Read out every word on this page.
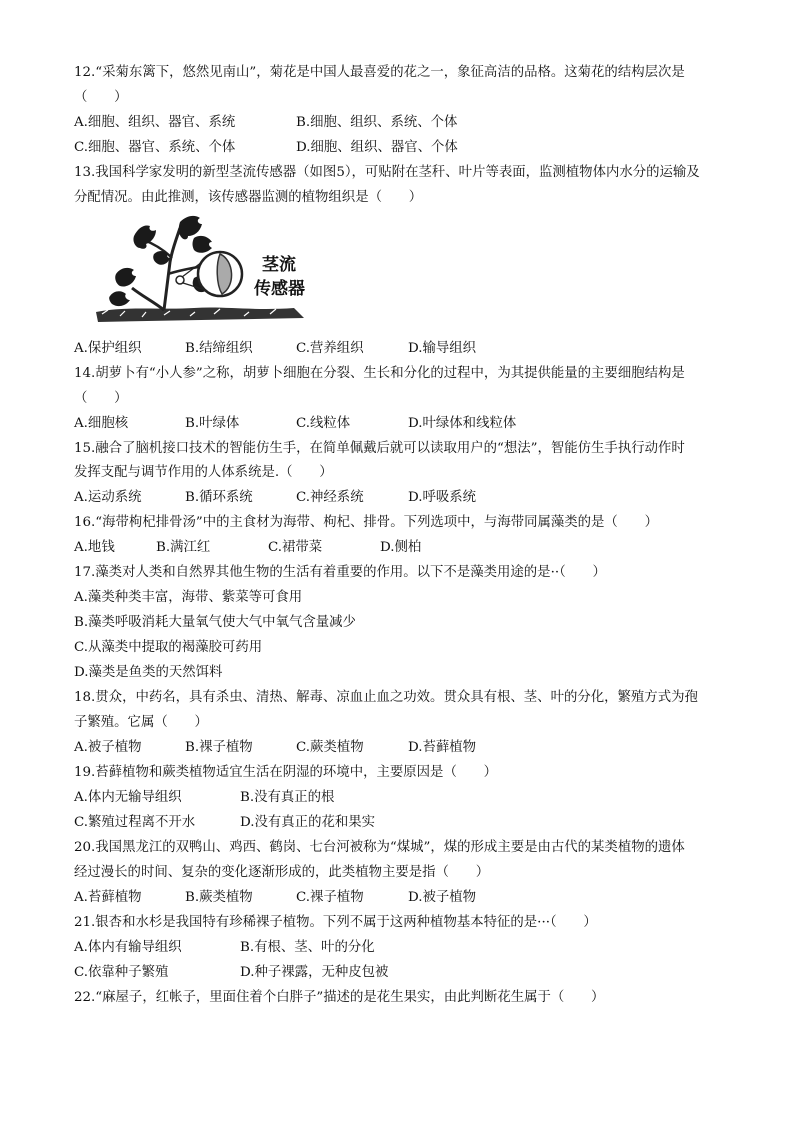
12.“采菊东篱下，悠然见南山”，菊花是中国人最喜爱的花之一，象征高洁的品格。这菊花的结构层次是
（　　）
A.细胞、组织、器官、系统	B.细胞、组织、系统、个体
C.细胞、器官、系统、个体	D.细胞、组织、器官、个体
13.我国科学家发明的新型茎流传感器（如图5），可贴附在茎秆、叶片等表面，监测植物体内水分的运输及
分配情况。由此推测，该传感器监测的植物组织是（　　）
茎流
传感器
A.保护组织	B.结缔组织	C.营养组织	D.输导组织
14.胡萝卜有“小人参”之称，胡萝卜细胞在分裂、生长和分化的过程中，为其提供能量的主要细胞结构是
（　　）
A.细胞核	B.叶绿体	C.线粒体	D.叶绿体和线粒体
15.融合了脑机接口技术的智能仿生手，在简单佩戴后就可以读取用户的“想法”，智能仿生手执行动作时
发挥支配与调节作用的人体系统是.（　　）
A.运动系统	B.循环系统	C.神经系统	D.呼吸系统
16.“海带枸杞排骨汤”中的主食材为海带、枸杞、排骨。下列选项中，与海带同属藻类的是（　　）
A.地钱	B.满江红	C.裙带菜	D.侧柏
17.藻类对人类和自然界其他生物的生活有着重要的作用。以下不是藻类用途的是··（　　）
A.藻类种类丰富，海带、紫菜等可食用
B.藻类呼吸消耗大量氧气使大气中氧气含量减少
C.从藻类中提取的褐藻胶可药用
D.藻类是鱼类的天然饵料
18.贯众，中药名，具有杀虫、清热、解毒、凉血止血之功效。贯众具有根、茎、叶的分化，繁殖方式为孢
子繁殖。它属（　　）
A.被子植物	B.裸子植物	C.蕨类植物	D.苔藓植物
19.苔藓植物和蕨类植物适宜生活在阴湿的环境中，主要原因是（　　）
A.体内无输导组织	B.没有真正的根
C.繁殖过程离不开水	D.没有真正的花和果实
20.我国黑龙江的双鸭山、鸡西、鹤岗、七台河被称为“煤城”，煤的形成主要是由古代的某类植物的遗体
经过漫长的时间、复杂的变化逐渐形成的，此类植物主要是指（　　）
A.苔藓植物	B.蕨类植物	C.裸子植物	D.被子植物
21.银杏和水杉是我国特有珍稀裸子植物。下列不属于这两种植物基本特征的是···（　　）
A.体内有输导组织	B.有根、茎、叶的分化
C.依靠种子繁殖	D.种子裸露，无种皮包被
22.“麻屋子，红帐子，里面住着个白胖子”描述的是花生果实，由此判断花生属于（　　）
